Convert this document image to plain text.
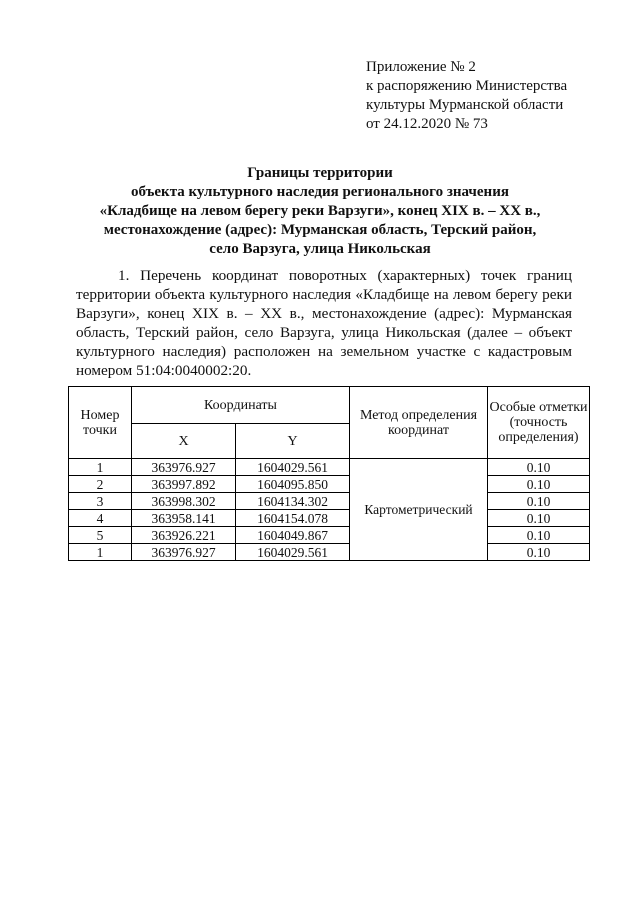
Приложение № 2
к распоряжению Министерства
культуры Мурманской области
от 24.12.2020 № 73
Границы территории
объекта культурного наследия регионального значения
«Кладбище на левом берегу реки Варзуги», конец XIX в. – XX в.,
местонахождение (адрес): Мурманская область, Терский район,
село Варзуга, улица Никольская
1. Перечень координат поворотных (характерных) точек границ территории объекта культурного наследия «Кладбище на левом берегу реки Варзуги», конец XIX в. – XX в., местонахождение (адрес): Мурманская область, Терский район, село Варзуга, улица Никольская (далее – объект культурного наследия) расположен на земельном участке с кадастровым номером 51:04:0040002:20.
Номер точки	Координаты		Метод определения координат	Особые отметки (точность определения)
	X	Y		
1	363976.927	1604029.561	Картометрический	0.10
2	363997.892	1604095.850		0.10
3	363998.302	1604134.302		0.10
4	363958.141	1604154.078		0.10
5	363926.221	1604049.867		0.10
1	363976.927	1604029.561		0.10
